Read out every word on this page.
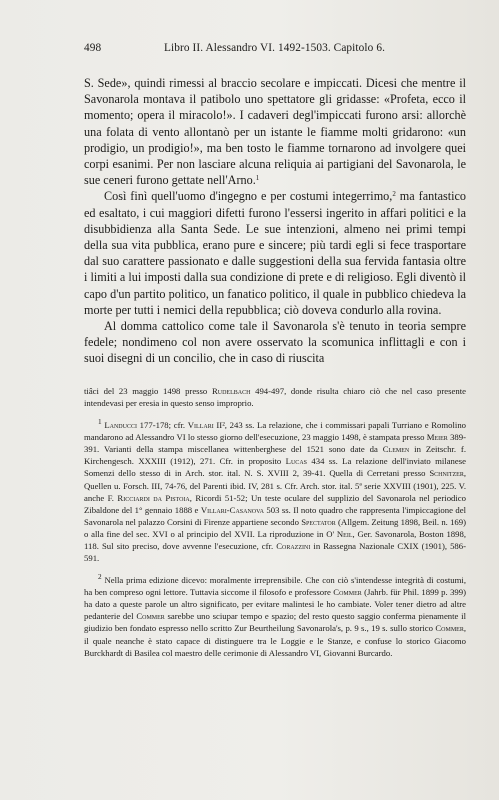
498	Libro II. Alessandro VI. 1492-1503. Capitolo 6.

S. Sede», quindi rimessi al braccio secolare e impiccati. Dicesi che mentre il Savonarola montava il patibolo uno spettatore gli gridasse: «Profeta, ecco il momento; opera il miracolo!». I cadaveri degl'impiccati furono arsi: allorchè una folata di vento allontanò per un istante le fiamme molti gridarono: «un prodigio, un prodigio!», ma ben tosto le fiamme tornarono ad involgere quei corpi esanimi. Per non lasciare alcuna reliquia ai partigiani del Savonarola, le sue ceneri furono gettate nell'Arno.$^1$

Così finì quell'uomo d'ingegno e per costumi integerrimo,$^2$ ma fantastico ed esaltato, i cui maggiori difetti furono l'essersi ingerito in affari politici e la disubbidienza alla Santa Sede. Le sue intenzioni, almeno nei primi tempi della sua vita pubblica, erano pure e sincere; più tardi egli si fece trasportare dal suo carattere passionato e dalle suggestioni della sua fervida fantasia oltre i limiti a lui imposti dalla sua condizione di prete e di religioso. Egli diventò il capo d'un partito politico, un fanatico politico, il quale in pubblico chiedeva la morte per tutti i nemici della repubblica; ciò doveva condurlo alla rovina.

Al domma cattolico come tale il Savonarola s'è tenuto in teoria sempre fedele; nondimeno col non avere osservato la scomunica inflittagli e con i suoi disegni di un concilio, che in caso di riuscita

tiâci del 23 maggio 1498 presso Rudelbach 494-497, donde risulta chiaro ciò che nel caso presente intendevasi per eresia in questo senso improprio.

$^1$ Landucci 177-178; cfr. Villari II², 243 ss. La relazione, che i commissari papali Turriano e Romolino mandarono ad Alessandro VI lo stesso giorno dell'esecuzione, 23 maggio 1498, è stampata presso Meier 389-391. Varianti della stampa miscellanea wittenberghese del 1521 sono date da Clemen in Zeitschr. f. Kirchengesch. XXXIII (1912), 271. Cfr. in proposito Lucas 434 ss. La relazione dell'inviato milanese Somenzi dello stesso di in Arch. stor. ital. N. S. XVIII 2, 39-41. Quella di Cerretani presso Schnitzer, Quellen u. Forsch. III, 74-76, del Parenti ibid. IV, 281 s. Cfr. Arch. stor. ital. 5ª serie XXVIII (1901), 225. V. anche F. Ricciardi da Pistoia, Ricordi 51-52; Un teste oculare del supplizio del Savonarola nel periodico Zibaldone del 1° gennaio 1888 e Villari-Casanova 503 ss. Il noto quadro che rappresenta l'impiccagione del Savonarola nel palazzo Corsini di Firenze appartiene secondo Spectator (Allgem. Zeitung 1898, Beil. n. 169) o alla fine del sec. XVI o al principio del XVII. La riproduzione in O' Neil, Ger. Savonarola, Boston 1898, 118. Sul sito preciso, dove avvenne l'esecuzione, cfr. Corazzini in Rassegna Nazionale CXIX (1901), 586-591.

$^2$ Nella prima edizione dicevo: moralmente irreprensibile. Che con ciò s'intendesse integrità di costumi, ha ben compreso ogni lettore. Tuttavia siccome il filosofo e professore Commer (Jahrb. für Phil. 1899 p. 399) ha dato a queste parole un altro significato, per evitare malintesi le ho cambiate. Voler tener dietro ad altre pedanterie del Commer sarebbe uno sciupar tempo e spazio; del resto questo saggio conferma pienamente il giudizio ben fondato espresso nello scritto Zur Beurtheilung Savonarola's, p. 9 s., 19 s. sullo storico Commer, il quale neanche è stato capace di distinguere tra le Loggie e le Stanze, e confuse lo storico Giacomo Burckhardt di Basilea col maestro delle cerimonie di Alessandro VI, Giovanni Burcardo.
